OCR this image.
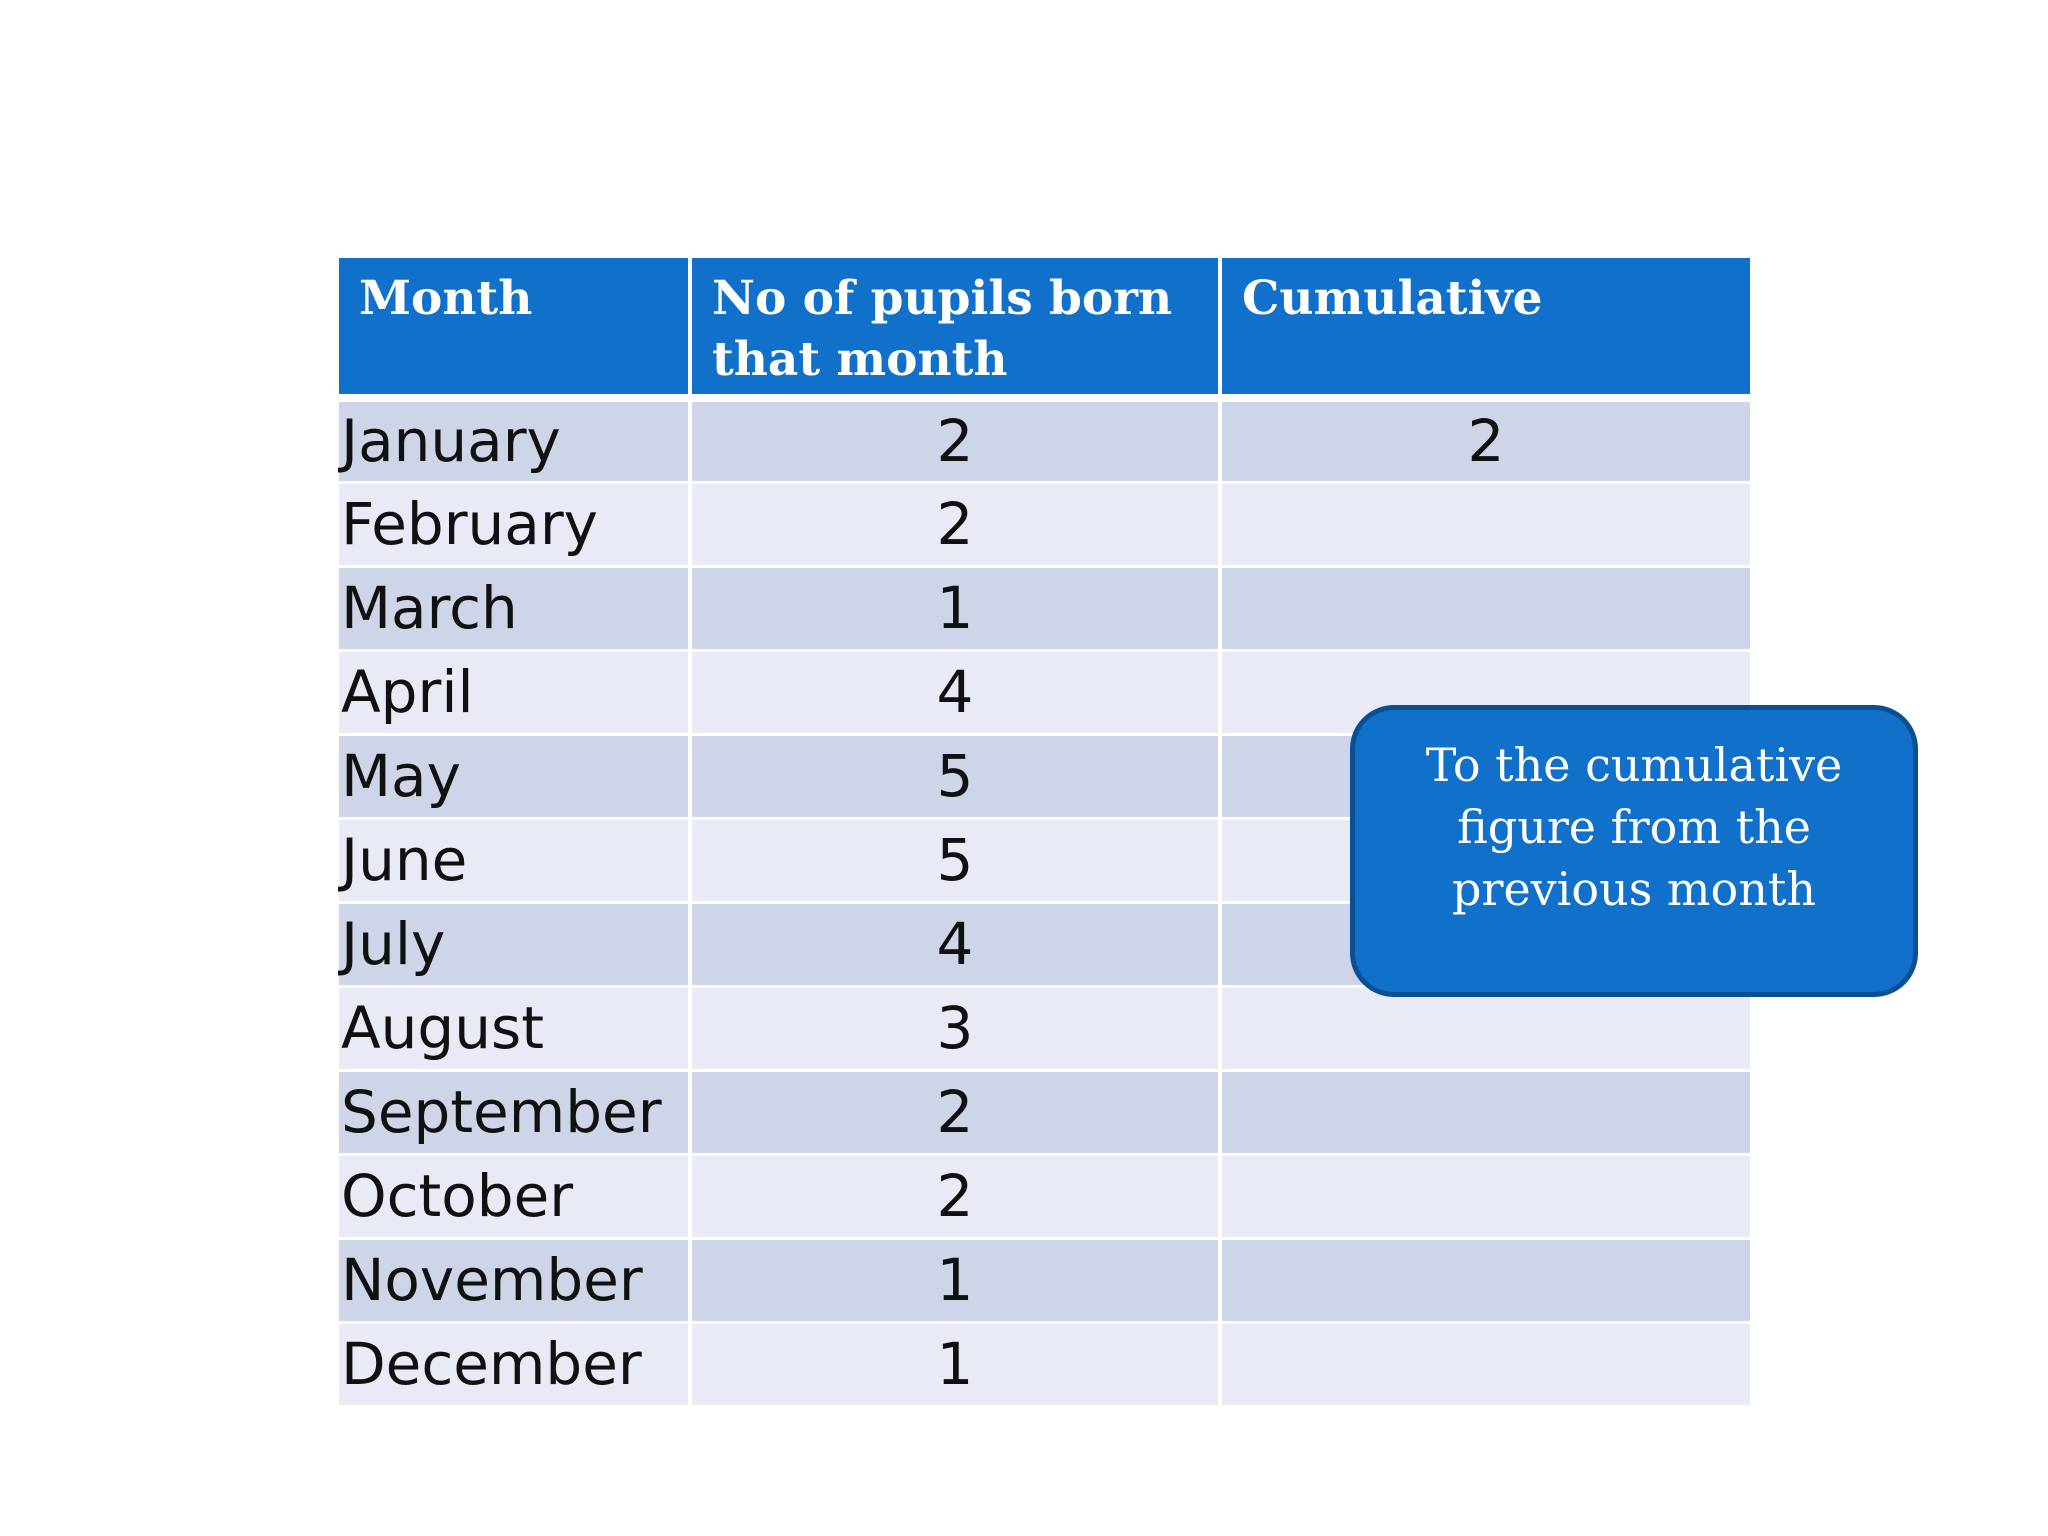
Month	No of pupils born that month	Cumulative
January	2	2
February	2	
March	1	
April	4	
May	5	
June	5	
July	4	
August	3	
September	2	
October	2	
November	1	
December	1	
To the cumulative figure from the previous month
